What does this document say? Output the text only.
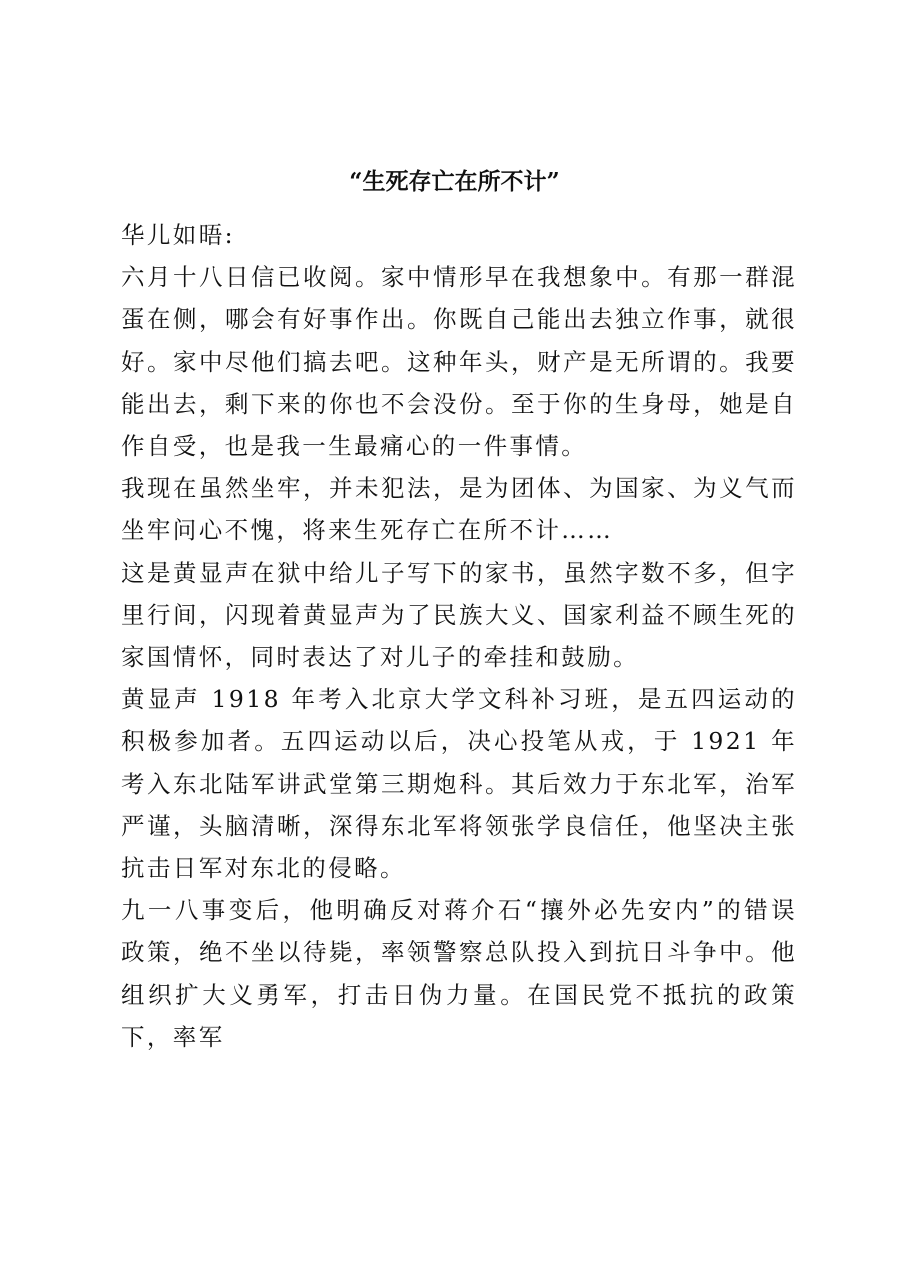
“生死存亡在所不计”

华儿如晤:

六月十八日信已收阅。家中情形早在我想象中。有那一群混蛋在侧，哪会有好事作出。你既自己能出去独立作事，就很好。家中尽他们搞去吧。这种年头，财产是无所谓的。我要能出去，剩下来的你也不会没份。至于你的生身母，她是自作自受，也是我一生最痛心的一件事情。

我现在虽然坐牢，并未犯法，是为团体、为国家、为义气而坐牢问心不愧，将来生死存亡在所不计……

这是黄显声在狱中给儿子写下的家书，虽然字数不多，但字里行间，闪现着黄显声为了民族大义、国家利益不顾生死的家国情怀，同时表达了对儿子的牵挂和鼓励。

黄显声 1918 年考入北京大学文科补习班，是五四运动的积极参加者。五四运动以后，决心投笔从戎，于 1921 年考入东北陆军讲武堂第三期炮科。其后效力于东北军，治军严谨，头脑清晰，深得东北军将领张学良信任，他坚决主张抗击日军对东北的侵略。

九一八事变后，他明确反对蒋介石“攘外必先安内”的错误政策，绝不坐以待毙，率领警察总队投入到抗日斗争中。他组织扩大义勇军，打击日伪力量。在国民党不抵抗的政策下，率军
